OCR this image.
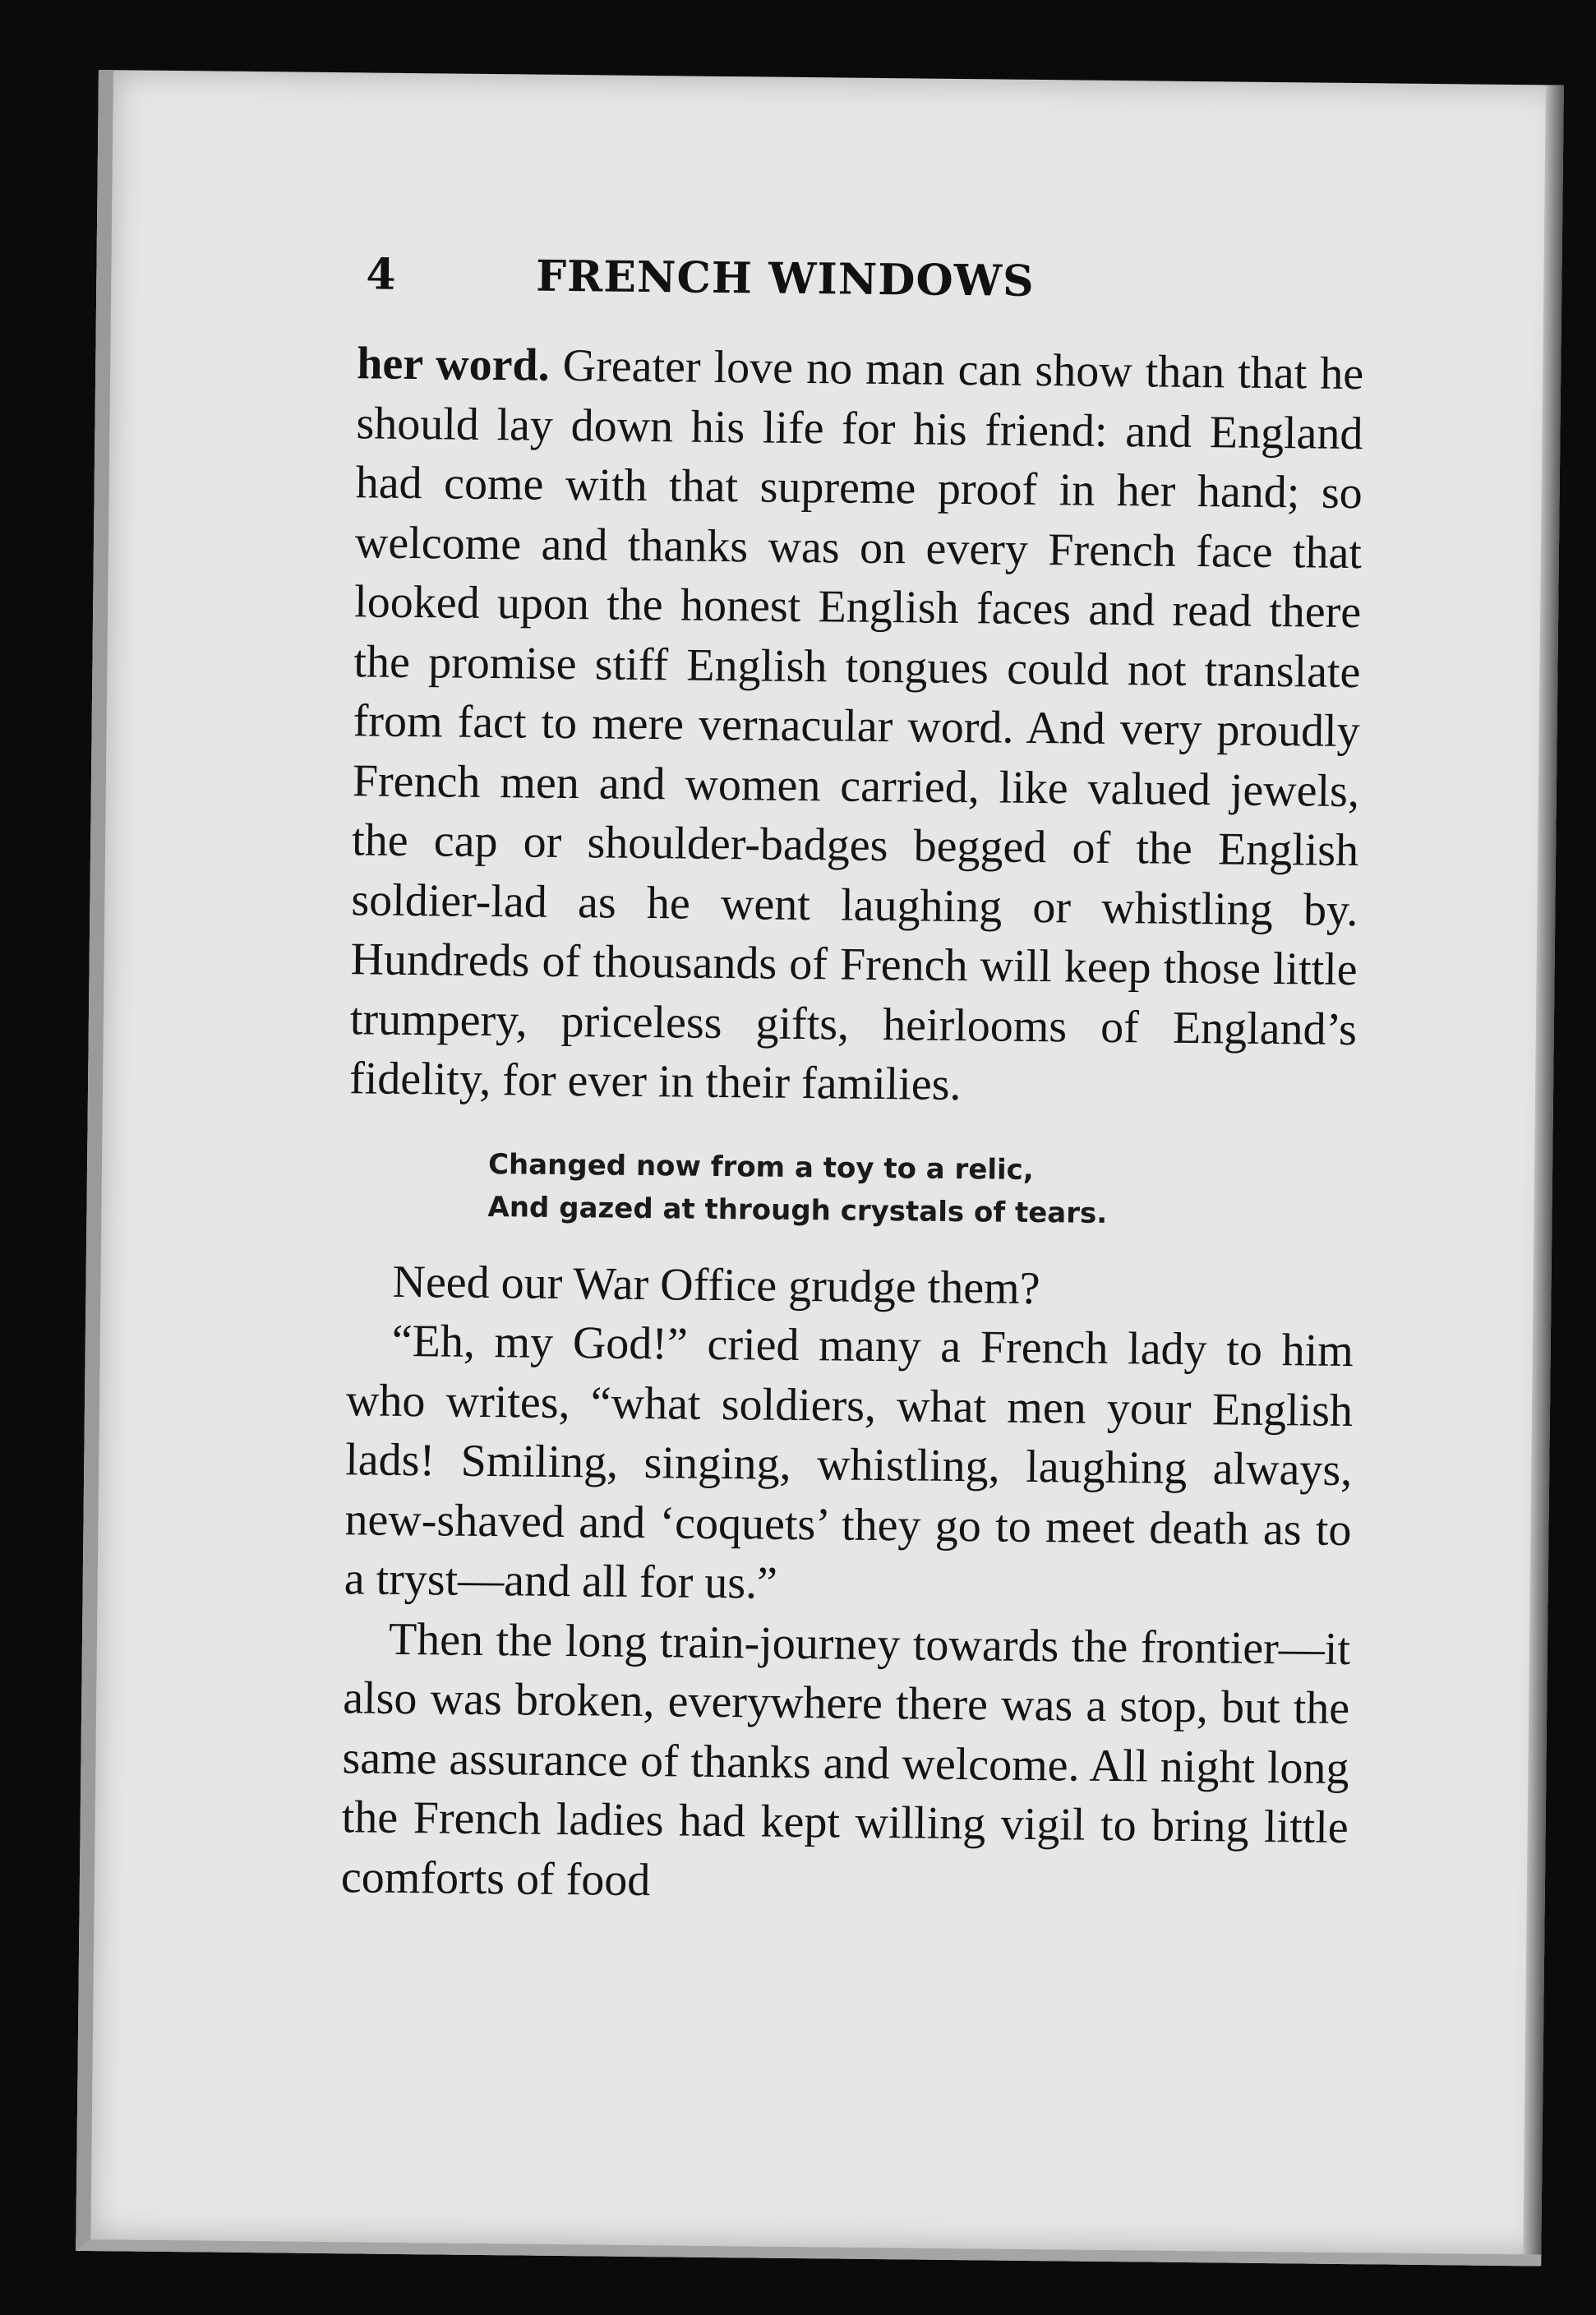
4	FRENCH WINDOWS

her word. Greater love no man can show than that he should lay down his life for his friend: and England had come with that supreme proof in her hand; so welcome and thanks was on every French face that looked upon the honest English faces and read there the promise stiff English tongues could not translate from fact to mere vernacular word. And very proudly French men and women carried, like valued jewels, the cap or shoulder-badges begged of the English soldier-lad as he went laughing or whistling by. Hundreds of thousands of French will keep those little trumpery, priceless gifts, heirlooms of England’s fidelity, for ever in their families.

Changed now from a toy to a relic,
And gazed at through crystals of tears.

Need our War Office grudge them?

“Eh, my God!” cried many a French lady to him who writes, “what soldiers, what men your English lads! Smiling, singing, whistling, laughing always, new-shaved and ‘coquets’ they go to meet death as to a tryst—and all for us.”

Then the long train-journey towards the frontier—it also was broken, everywhere there was a stop, but the same assurance of thanks and welcome. All night long the French ladies had kept willing vigil to bring little comforts of food
